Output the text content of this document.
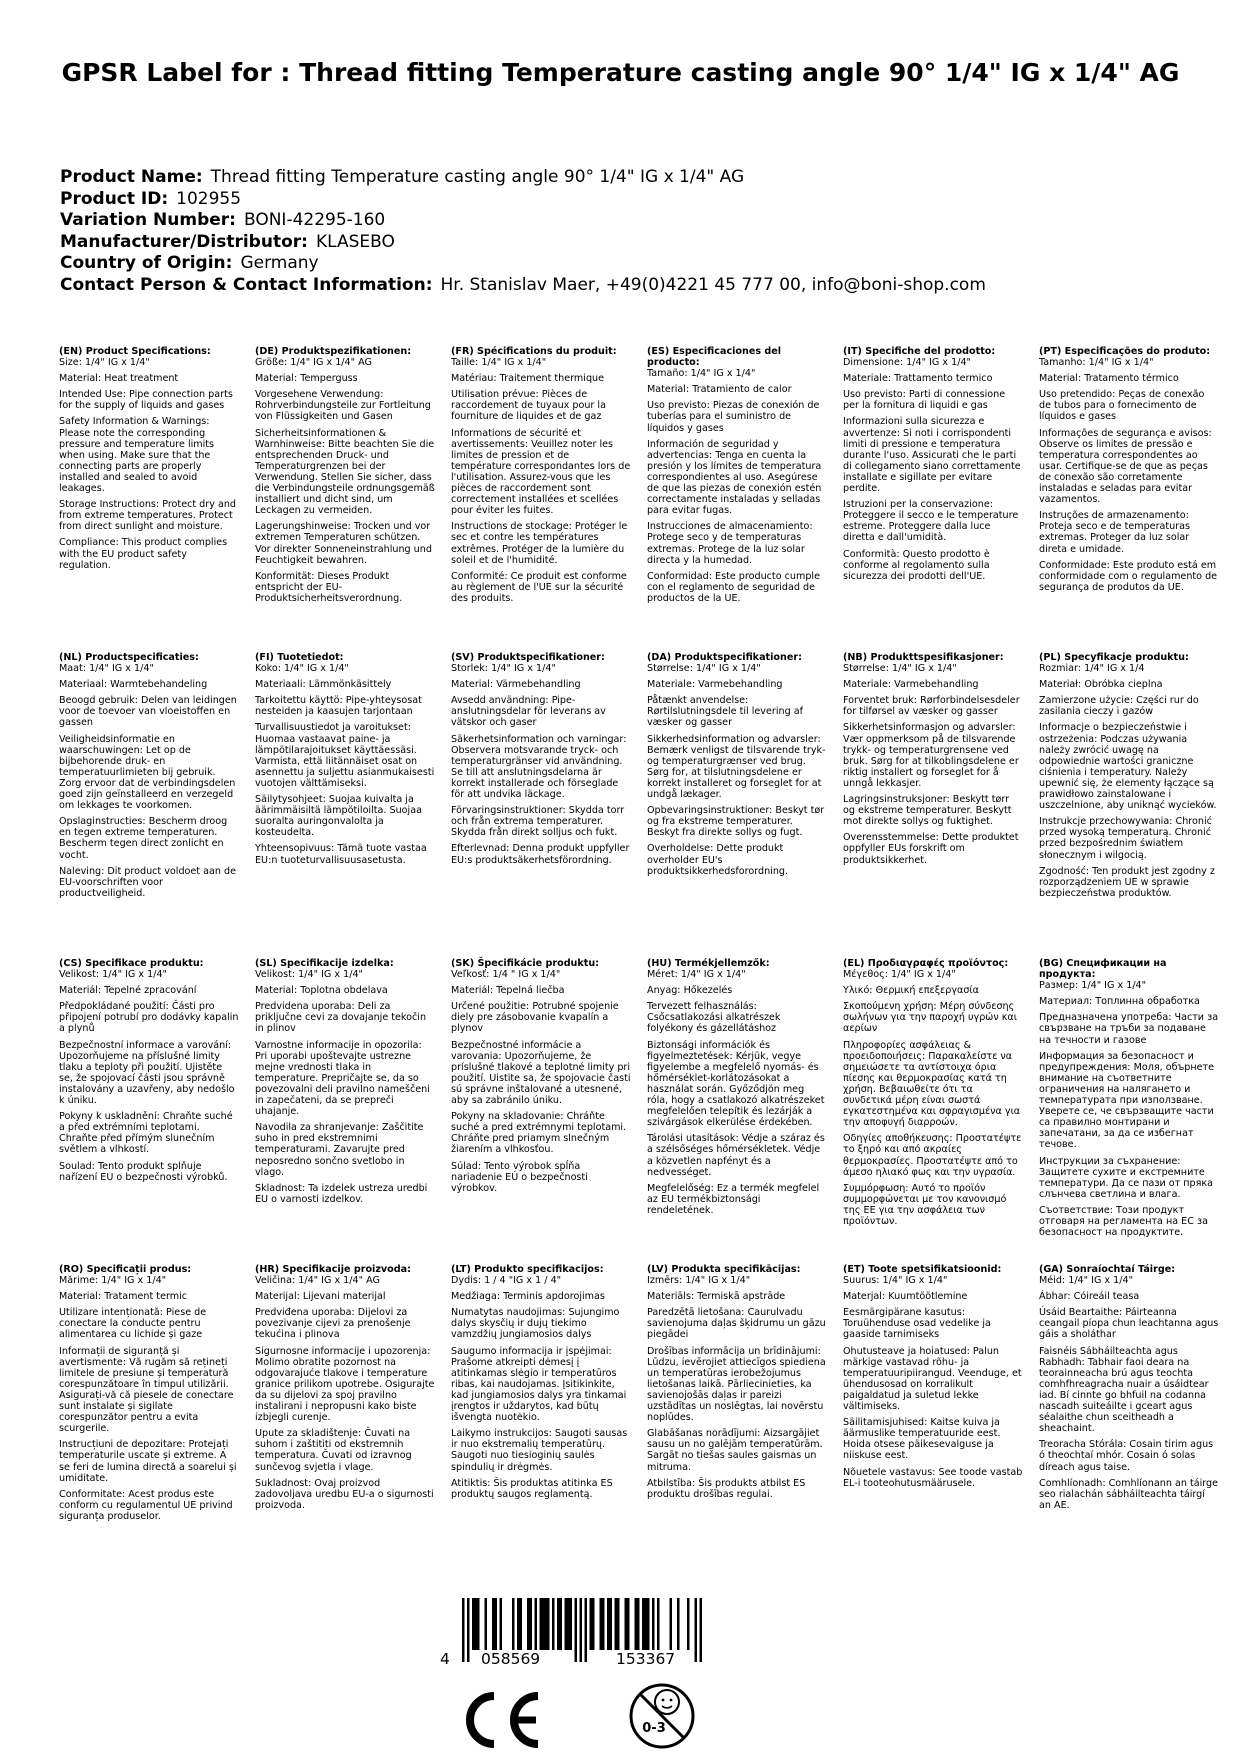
GPSR Label for : Thread fitting Temperature casting angle 90° 1/4" IG x 1/4" AG
Product Name: Thread fitting Temperature casting angle 90° 1/4" IG x 1/4" AG
Product ID: 102955
Variation Number: BONI-42295-160
Manufacturer/Distributor: KLASEBO
Country of Origin: Germany
Contact Person & Contact Information: Hr. Stanislav Maer, +49(0)4221 45 777 00, info@boni-shop.com
(EN) Product Specifications:
Size: 1/4" IG x 1/4"
Material: Heat treatment
Intended Use: Pipe connection parts for the supply of liquids and gases
Safety Information & Warnings: Please note the corresponding pressure and temperature limits when using. Make sure that the connecting parts are properly installed and sealed to avoid leakages.
Storage Instructions: Protect dry and from extreme temperatures. Protect from direct sunlight and moisture.
Compliance: This product complies with the EU product safety regulation.
(DE) Produktspezifikationen:
Größe: 1/4" IG x 1/4" AG
Material: Temperguss
Vorgesehene Verwendung: Rohrverbindungsteile zur Fortleitung von Flüssigkeiten und Gasen
Sicherheitsinformationen & Warnhinweise: Bitte beachten Sie die entsprechenden Druck- und Temperaturgrenzen bei der Verwendung. Stellen Sie sicher, dass die Verbindungsteile ordnungsgemäß installiert und dicht sind, um Leckagen zu vermeiden.
Lagerungshinweise: Trocken und vor extremen Temperaturen schützen. Vor direkter Sonneneinstrahlung und Feuchtigkeit bewahren.
Konformität: Dieses Produkt entspricht der EU-Produktsicherheitsverordnung.
(FR) Spécifications du produit:
Taille: 1/4" IG x 1/4"
Matériau: Traitement thermique
Utilisation prévue: Pièces de raccordement de tuyaux pour la fourniture de liquides et de gaz
Informations de sécurité et avertissements: Veuillez noter les limites de pression et de température correspondantes lors de l'utilisation. Assurez-vous que les pièces de raccordement sont correctement installées et scellées pour éviter les fuites.
Instructions de stockage: Protéger le sec et contre les températures extrêmes. Protéger de la lumière du soleil et de l'humidité.
Conformité: Ce produit est conforme au règlement de l'UE sur la sécurité des produits.
(ES) Especificaciones del producto:
Tamaño: 1/4" IG x 1/4"
Material: Tratamiento de calor
Uso previsto: Piezas de conexión de tuberías para el suministro de líquidos y gases
Información de seguridad y advertencias: Tenga en cuenta la presión y los límites de temperatura correspondientes al uso. Asegúrese de que las piezas de conexión estén correctamente instaladas y selladas para evitar fugas.
Instrucciones de almacenamiento: Protege seco y de temperaturas extremas. Protege de la luz solar directa y la humedad.
Conformidad: Este producto cumple con el reglamento de seguridad de productos de la UE.
(IT) Specifiche del prodotto:
Dimensione: 1/4" IG x 1/4"
Materiale: Trattamento termico
Uso previsto: Parti di connessione per la fornitura di liquidi e gas
Informazioni sulla sicurezza e avvertenze: Si noti i corrispondenti limiti di pressione e temperatura durante l'uso. Assicurati che le parti di collegamento siano correttamente installate e sigillate per evitare perdite.
Istruzioni per la conservazione: Proteggere il secco e le temperature estreme. Proteggere dalla luce diretta e dall'umidità.
Conformità: Questo prodotto è conforme al regolamento sulla sicurezza dei prodotti dell'UE.
(PT) Especificações do produto:
Tamanho: 1/4" IG x 1/4"
Material: Tratamento térmico
Uso pretendido: Peças de conexão de tubos para o fornecimento de líquidos e gases
Informações de segurança e avisos: Observe os limites de pressão e temperatura correspondentes ao usar. Certifique-se de que as peças de conexão são corretamente instaladas e seladas para evitar vazamentos.
Instruções de armazenamento: Proteja seco e de temperaturas extremas. Proteger da luz solar direta e umidade.
Conformidade: Este produto está em conformidade com o regulamento de segurança de produtos da UE.
(NL) Productspecificaties:
Maat: 1/4" IG x 1/4"
Materiaal: Warmtebehandeling
Beoogd gebruik: Delen van leidingen voor de toevoer van vloeistoffen en gassen
Veiligheidsinformatie en waarschuwingen: Let op de bijbehorende druk- en temperatuurlimieten bij gebruik. Zorg ervoor dat de verbindingsdelen goed zijn geïnstalleerd en verzegeld om lekkages te voorkomen.
Opslaginstructies: Bescherm droog en tegen extreme temperaturen. Bescherm tegen direct zonlicht en vocht.
Naleving: Dit product voldoet aan de EU-voorschriften voor productveiligheid.
(FI) Tuotetiedot:
Koko: 1/4" IG x 1/4"
Materiaali: Lämmönkäsittely
Tarkoitettu käyttö: Pipe-yhteysosat nesteiden ja kaasujen tarjontaan
Turvallisuustiedot ja varoitukset: Huomaa vastaavat paine- ja lämpötilarajoitukset käyttäessäsi. Varmista, että liitännäiset osat on asennettu ja suljettu asianmukaisesti vuotojen välttämiseksi.
Säilytysohjeet: Suojaa kuivalta ja äärimmäisiltä lämpötiloilta. Suojaa suoralta auringonvalolta ja kosteudelta.
Yhteensopivuus: Tämä tuote vastaa EU:n tuoteturvallisuusasetusta.
(SV) Produktspecifikationer:
Storlek: 1/4" IG x 1/4"
Material: Värmebehandling
Avsedd användning: Pipe-anslutningsdelar för leverans av vätskor och gaser
Säkerhetsinformation och varningar: Observera motsvarande tryck- och temperaturgränser vid användning. Se till att anslutningsdelarna är korrekt installerade och förseglade för att undvika läckage.
Förvaringsinstruktioner: Skydda torr och från extrema temperaturer. Skydda från direkt solljus och fukt.
Efterlevnad: Denna produkt uppfyller EU:s produktsäkerhetsförordning.
(DA) Produktspecifikationer:
Størrelse: 1/4" IG x 1/4"
Materiale: Varmebehandling
Påtænkt anvendelse: Rørtilslutningsdele til levering af væsker og gasser
Sikkerhedsinformation og advarsler: Bemærk venligst de tilsvarende tryk- og temperaturgrænser ved brug. Sørg for, at tilslutningsdelene er korrekt installeret og forseglet for at undgå lækager.
Opbevaringsinstruktioner: Beskyt tør og fra ekstreme temperaturer. Beskyt fra direkte sollys og fugt.
Overholdelse: Dette produkt overholder EU's produktsikkerhedsforordning.
(NB) Produkttspesifikasjoner:
Størrelse: 1/4" IG x 1/4"
Materiale: Varmebehandling
Forventet bruk: Rørforbindelsesdeler for tilførsel av væsker og gasser
Sikkerhetsinformasjon og advarsler: Vær oppmerksom på de tilsvarende trykk- og temperaturgrensene ved bruk. Sørg for at tilkoblingsdelene er riktig installert og forseglet for å unngå lekkasjer.
Lagringsinstruksjoner: Beskytt tørr og ekstreme temperaturer. Beskytt mot direkte sollys og fuktighet.
Overensstemmelse: Dette produktet oppfyller EUs forskrift om produktsikkerhet.
(PL) Specyfikacje produktu:
Rozmiar: 1/4" IG x 1/4
Materiał: Obróbka cieplna
Zamierzone użycie: Części rur do zasilania cieczy i gazów
Informacje o bezpieczeństwie i ostrzeżenia: Podczas używania należy zwrócić uwagę na odpowiednie wartości graniczne ciśnienia i temperatury. Należy upewnić się, że elementy łączące są prawidłowo zainstalowane i uszczelnione, aby uniknąć wycieków.
Instrukcje przechowywania: Chronić przed wysoką temperaturą. Chronić przed bezpośrednim światłem słonecznym i wilgocią.
Zgodność: Ten produkt jest zgodny z rozporządzeniem UE w sprawie bezpieczeństwa produktów.
(CS) Specifikace produktu:
Velikost: 1/4" IG x 1/4"
Materiál: Tepelné zpracování
Předpokládané použití: Části pro připojení potrubí pro dodávky kapalin a plynů
Bezpečnostní informace a varování: Upozorňujeme na příslušné limity tlaku a teploty při použití. Ujistěte se, že spojovací části jsou správně instalovány a uzavřeny, aby nedošlo k úniku.
Pokyny k uskladnění: Chraňte suché a před extrémními teplotami. Chraňte před přímým slunečním světlem a vlhkostí.
Soulad: Tento produkt splňuje nařízení EU o bezpečnosti výrobků.
(SL) Specifikacije izdelka:
Velikost: 1/4" IG x 1/4"
Material: Toplotna obdelava
Predvidena uporaba: Deli za priključne cevi za dovajanje tekočin in plinov
Varnostne informacije in opozorila: Pri uporabi upoštevajte ustrezne mejne vrednosti tlaka in temperature. Prepričajte se, da so povezovalni deli pravilno nameščeni in zapečateni, da se prepreči uhajanje.
Navodila za shranjevanje: Zaščitite suho in pred ekstremnimi temperaturami. Zavarujte pred neposredno sončno svetlobo in vlago.
Skladnost: Ta izdelek ustreza uredbi EU o varnosti izdelkov.
(SK) Špecifikácie produktu:
Veľkosť: 1/4 " IG x 1/4"
Materiál: Tepelná liečba
Určené použitie: Potrubné spojenie diely pre zásobovanie kvapalín a plynov
Bezpečnostné informácie a varovania: Upozorňujeme, že príslušné tlakové a teplotné limity pri použití. Uistite sa, že spojovacie časti sú správne inštalované a utesnené, aby sa zabránilo úniku.
Pokyny na skladovanie: Chráňte suché a pred extrémnymi teplotami. Chráňte pred priamym slnečným žiarením a vlhkosťou.
Súlad: Tento výrobok spĺňa nariadenie EÚ o bezpečnosti výrobkov.
(HU) Termékjellemzők:
Méret: 1/4" IG x 1/4"
Anyag: Hőkezelés
Tervezett felhasználás: Csőcsatlakozási alkatrészek folyékony és gázellátáshoz
Biztonsági információk és figyelmeztetések: Kérjük, vegye figyelembe a megfelelő nyomás- és hőmérséklet-korlátozásokat a használat során. Győződjön meg róla, hogy a csatlakozó alkatrészeket megfelelően telepítik és lezárják a szivárgások elkerülése érdekében.
Tárolási utasítások: Védje a száraz és a szélsőséges hőmérsékletek. Védje a közvetlen napfényt és a nedvességet.
Megfelelőség: Ez a termék megfelel az EU termékbiztonsági rendeletének.
(EL) Προδιαγραφές προϊόντος:
Μέγεθος: 1/4" IG x 1/4"
Υλικό: Θερμική επεξεργασία
Σκοπούμενη χρήση: Μέρη σύνδεσης σωλήνων για την παροχή υγρών και αερίων
Πληροφορίες ασφάλειας & προειδοποιήσεις: Παρακαλείστε να σημειώσετε τα αντίστοιχα όρια πίεσης και θερμοκρασίας κατά τη χρήση. Βεβαιωθείτε ότι τα συνδετικά μέρη είναι σωστά εγκατεστημένα και σφραγισμένα για την αποφυγή διαρροών.
Οδηγίες αποθήκευσης: Προστατέψτε το ξηρό και από ακραίες θερμοκρασίες. Προστατέψτε από το άμεσο ηλιακό φως και την υγρασία.
Συμμόρφωση: Αυτό το προϊόν συμμορφώνεται με τον κανονισμό της ΕΕ για την ασφάλεια των προϊόντων.
(BG) Спецификации на продукта:
Размер: 1/4" IG x 1/4"
Материал: Топлинна обработка
Предназначена употреба: Части за свързване на тръби за подаване на течности и газове
Информация за безопасност и предупреждения: Моля, обърнете внимание на съответните ограничения на налягането и температурата при използване. Уверете се, че свързващите части са правилно монтирани и запечатани, за да се избегнат течове.
Инструкции за съхранение: Защитете сухите и екстремните температури. Да се пази от пряка слънчева светлина и влага.
Съответствие: Този продукт отговаря на регламента на ЕС за безопасност на продуктите.
(RO) Specificații produs:
Mărime: 1/4" IG x 1/4"
Material: Tratament termic
Utilizare intenționată: Piese de conectare la conducte pentru alimentarea cu lichide și gaze
Informații de siguranță și avertismente: Vă rugăm să rețineți limitele de presiune și temperatură corespunzătoare în timpul utilizării. Asigurați-vă că piesele de conectare sunt instalate și sigilate corespunzător pentru a evita scurgerile.
Instrucțiuni de depozitare: Protejați temperaturile uscate și extreme. A se feri de lumina directă a soarelui și umiditate.
Conformitate: Acest produs este conform cu regulamentul UE privind siguranța produselor.
(HR) Specifikacije proizvoda:
Veličina: 1/4" IG x 1/4" AG
Materijal: Lijevani materijal
Predviđena uporaba: Dijelovi za povezivanje cijevi za prenošenje tekućina i plinova
Sigurnosne informacije i upozorenja: Molimo obratite pozornost na odgovarajuće tlakove i temperature granice prilikom upotrebe. Osigurajte da su dijelovi za spoj pravilno instalirani i nepropusni kako biste izbjegli curenje.
Upute za skladištenje: Čuvati na suhom i zaštititi od ekstremnih temperatura. Čuvati od izravnog sunčevog svjetla i vlage.
Sukladnost: Ovaj proizvod zadovoljava uredbu EU-a o sigurnosti proizvoda.
(LT) Produkto specifikacijos:
Dydis: 1 / 4 "IG x 1 / 4"
Medžiaga: Terminis apdorojimas
Numatytas naudojimas: Sujungimo dalys skysčių ir dujų tiekimo vamzdžių jungiamosios dalys
Saugumo informacija ir įspėjimai: Prašome atkreipti dėmesį į atitinkamas slėgio ir temperatūros ribas, kai naudojamas. Įsitikinkite, kad jungiamosios dalys yra tinkamai įrengtos ir uždarytos, kad būtų išvengta nuotėkio.
Laikymo instrukcijos: Saugoti sausas ir nuo ekstremalių temperatūrų. Saugoti nuo tiesioginių saulės spindulių ir drėgmės.
Atitiktis: Šis produktas atitinka ES produktų saugos reglamentą.
(LV) Produkta specifikācijas:
Izmērs: 1/4" IG x 1/4"
Materiāls: Termiskā apstrāde
Paredzētā lietošana: Caurulvadu savienojuma daļas šķidrumu un gāzu piegādei
Drošības informācija un brīdinājumi: Lūdzu, ievērojiet attiecīgos spiediena un temperatūras ierobežojumus lietošanas laikā. Pārliecinieties, ka savienojošās daļas ir pareizi uzstādītas un noslēgtas, lai novērstu noplūdes.
Glabāšanas norādījumi: Aizsargājiet sausu un no galējām temperatūrām. Sargāt no tiešas saules gaismas un mitruma.
Atbilstība: Šis produkts atbilst ES produktu drošības regulai.
(ET) Toote spetsifikatsioonid:
Suurus: 1/4" IG x 1/4"
Materjal: Kuumtöötlemine
Eesmärgipärane kasutus: Toruühenduse osad vedelike ja gaaside tarnimiseks
Ohutusteave ja hoiatused: Palun märkige vastavad rõhu- ja temperatuuripiirangud. Veenduge, et ühendusosad on korralikult paigaldatud ja suletud lekke vältimiseks.
Säilitamisjuhised: Kaitse kuiva ja äärmuslike temperatuuride eest. Hoida otsese päikesevalguse ja niiskuse eest.
Nõuetele vastavus: See toode vastab EL-i tooteohutusmäärusele.
(GA) Sonraíochtaí Táirge:
Méid: 1/4" IG x 1/4"
Ábhar: Cóireáil teasa
Úsáid Beartaithe: Páirteanna ceangail píopa chun leachtanna agus gáis a sholáthar
Faisnéis Sábháilteachta agus Rabhadh: Tabhair faoi deara na teorainneacha brú agus teochta comhfhreagracha nuair a úsáidtear iad. Bí cinnte go bhfuil na codanna nascadh suiteáilte i gceart agus séalaithe chun sceitheadh a sheachaint.
Treoracha Stórála: Cosain tirim agus ó theochtaí mhór. Cosain ó solas díreach agus taise.
Comhlíonadh: Comhlíonann an táirge seo rialachán sábháilteachta táirgí an AE.
4 058569	153367
0-3
